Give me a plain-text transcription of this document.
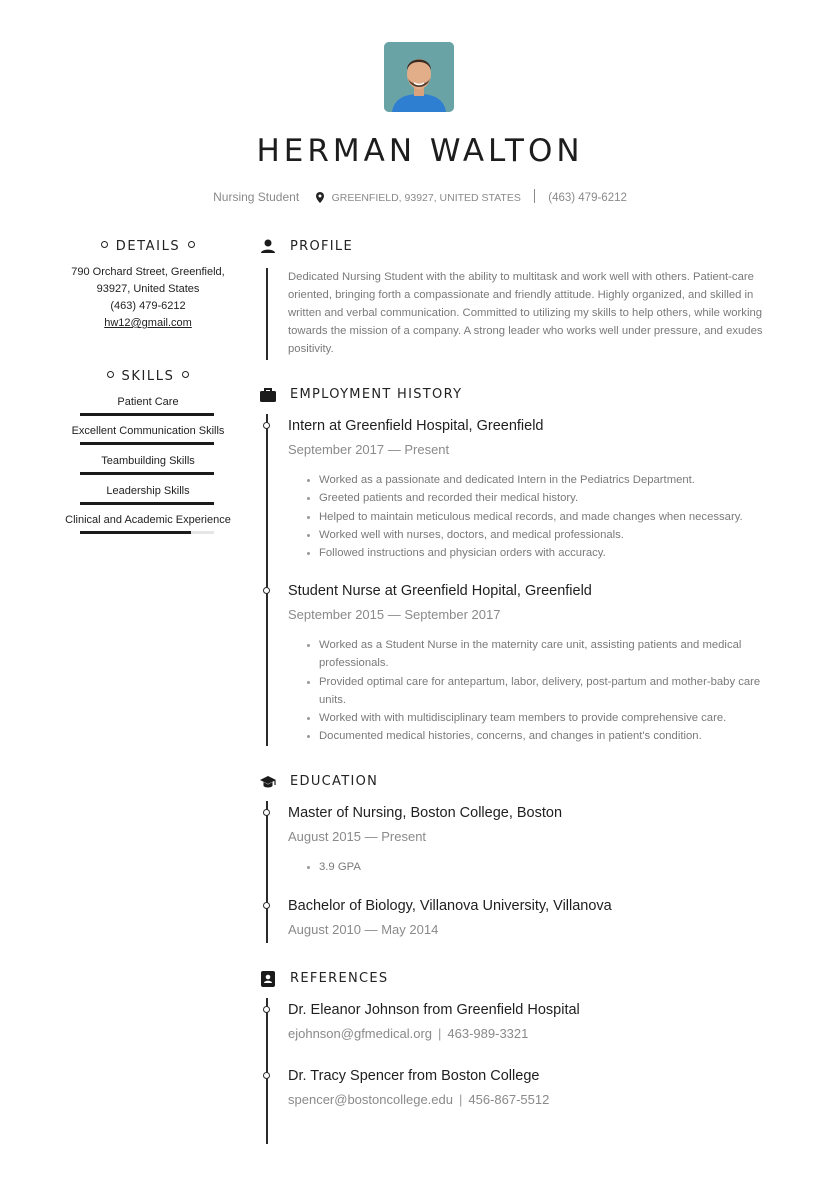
HERMAN WALTON
Nursing Student	GREENFIELD, 93927, UNITED STATES (463) 479-6212
DETAILS
790 Orchard Street, Greenfield,
93927, United States
(463) 479-6212
hw12@gmail.com
SKILLS
Patient Care
Excellent Communication Skills
Teambuilding Skills
Leadership Skills
Clinical and Academic Experience
PROFILE
Dedicated Nursing Student with the ability to multitask and work well with others. Patient-care oriented, bringing forth a compassionate and friendly attitude. Highly organized, and skilled in written and verbal communication. Committed to utilizing my skills to help others, while working towards the mission of a company. A strong leader who works well under pressure, and exudes positivity.
EMPLOYMENT HISTORY
Intern at Greenfield Hospital, Greenfield
September 2017 — Present
• Worked as a passionate and dedicated Intern in the Pediatrics Department.
• Greeted patients and recorded their medical history.
• Helped to maintain meticulous medical records, and made changes when necessary.
• Worked well with nurses, doctors, and medical professionals.
• Followed instructions and physician orders with accuracy.
Student Nurse at Greenfield Hopital, Greenfield
September 2015 — September 2017
• Worked as a Student Nurse in the maternity care unit, assisting patients and medical professionals.
• Provided optimal care for antepartum, labor, delivery, post-partum and mother-baby care units.
• Worked with with multidisciplinary team members to provide comprehensive care.
• Documented medical histories, concerns, and changes in patient's condition.
EDUCATION
Master of Nursing, Boston College, Boston
August 2015 — Present
• 3.9 GPA
Bachelor of Biology, Villanova University, Villanova
August 2010 — May 2014
REFERENCES
Dr. Eleanor Johnson from Greenfield Hospital
ejohnson@gfmedical.org | 463-989-3321
Dr. Tracy Spencer from Boston College
spencer@bostoncollege.edu | 456-867-5512
